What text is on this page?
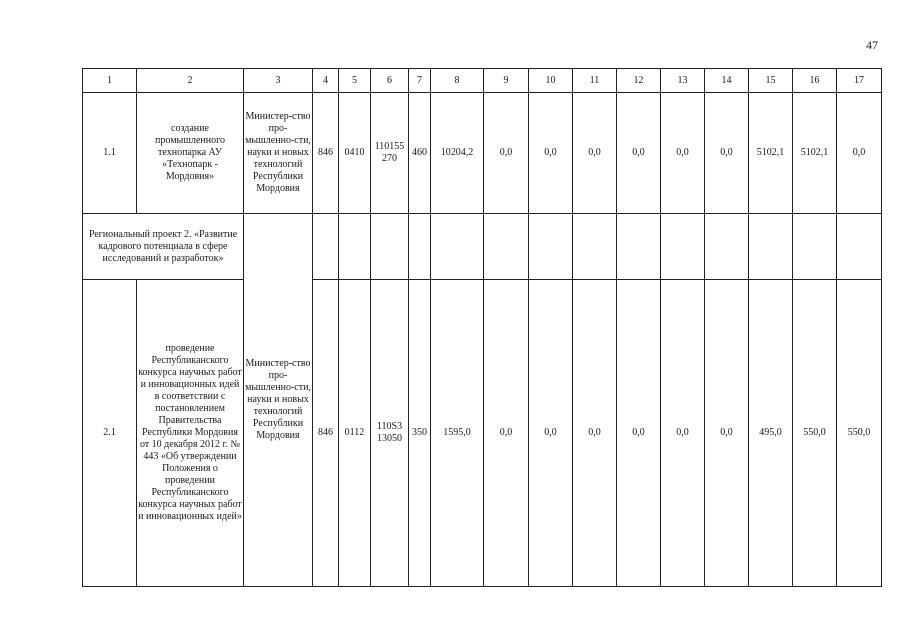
47
1	2	3	4	5	6	7	8	9	10	11	12	13	14	15	16	17
1.1	создание промышленного технопарка АУ «Технопарк - Мордовия»	Министер-ство про-мышленно-сти, науки и новых технологий Республики Мордовия	846	0410	110155 270	460	10204,2	0,0	0,0	0,0	0,0	0,0	0,0	5102,1	5102,1	0,0
Региональный проект 2. «Развитие кадрового потенциала в сфере исследований и разработок»		Министер-ство про-мышленно-сти, науки и новых технологий Республики Мордовия														
2.1	проведение Республиканского конкурса научных работ и инновационных идей в соответствии с постановлением Правительства Республики Мордовия от 10 декабря 2012 г. № 443 «Об утверждении Положения о проведении Республиканского конкурса научных работ и инновационных идей»		846	0112	110S3 13050	350	1595,0	0,0	0,0	0,0	0,0	0,0	0,0	495,0	550,0	550,0
